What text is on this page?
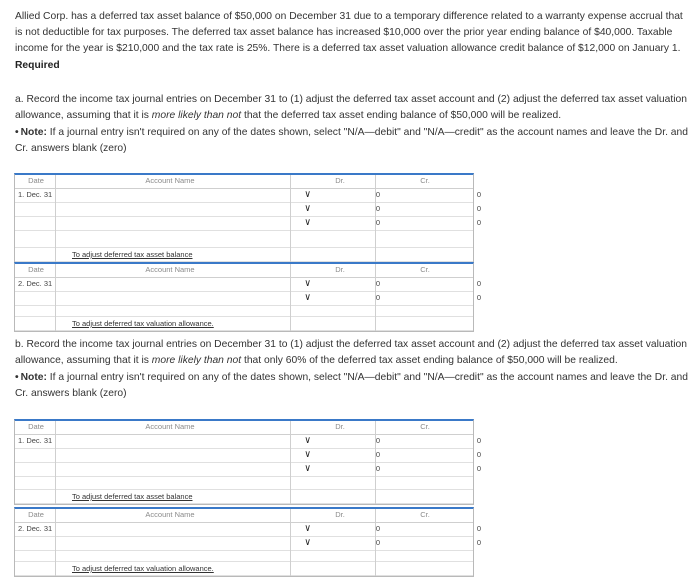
Allied Corp. has a deferred tax asset balance of $50,000 on December 31 due to a temporary difference related to a warranty expense accrual that is not deductible for tax purposes. The deferred tax asset balance has increased $10,000 over the prior year ending balance of $40,000. Taxable income for the year is $210,000 and the tax rate is 25%. There is a deferred tax asset valuation allowance credit balance of $12,000 on January 1.
Required
a. Record the income tax journal entries on December 31 to (1) adjust the deferred tax asset account and (2) adjust the deferred tax asset valuation allowance, assuming that it is more likely than not that the deferred tax asset ending balance of $50,000 will be realized.
• Note: If a journal entry isn't required on any of the dates shown, select "N/A—debit" and "N/A—credit" as the account names and leave the Dr. and Cr. answers blank (zero)
Date	Account Name	Dr.	Cr.
1. Dec. 31	∨	0	0
∨	0	0
∨	0	0
To adjust deferred tax asset balance
Date	Account Name	Dr.	Cr.
2. Dec. 31	∨	0	0
∨	0	0
To adjust deferred tax valuation allowance.
b. Record the income tax journal entries on December 31 to (1) adjust the deferred tax asset account and (2) adjust the deferred tax asset valuation allowance, assuming that it is more likely than not that only 60% of the deferred tax asset ending balance of $50,000 will be realized.
• Note: If a journal entry isn't required on any of the dates shown, select "N/A—debit" and "N/A—credit" as the account names and leave the Dr. and Cr. answers blank (zero)
Date	Account Name	Dr.	Cr.
1. Dec. 31	∨	0	0
∨	0	0
∨	0	0
To adjust deferred tax asset balance
Date	Account Name	Dr.	Cr.
2. Dec. 31	∨	0	0
∨	0	0
To adjust deferred tax valuation allowance.
